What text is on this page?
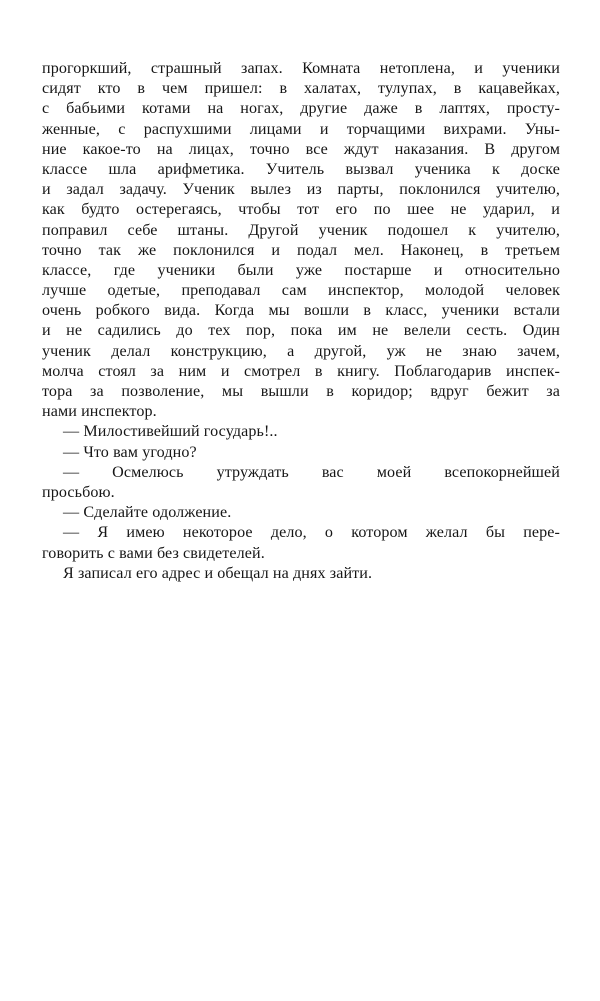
прогоркший, страшный запах. Комната нетоплена, и ученики
сидят кто в чем пришел: в халатах, тулупах, в кацавейках,
с бабьими котами на ногах, другие даже в лаптях, просту-
женные, с распухшими лицами и торчащими вихрами. Уны-
ние какое-то на лицах, точно все ждут наказания. В другом
классе шла арифметика. Учитель вызвал ученика к доске
и задал задачу. Ученик вылез из парты, поклонился учителю,
как будто остерегаясь, чтобы тот его по шее не ударил, и
поправил себе штаны. Другой ученик подошел к учителю,
точно так же поклонился и подал мел. Наконец, в третьем
классе, где ученики были уже постарше и относительно
лучше одетые, преподавал сам инспектор, молодой человек
очень робкого вида. Когда мы вошли в класс, ученики встали
и не садились до тех пор, пока им не велели сесть. Один
ученик делал конструкцию, а другой, уж не знаю зачем,
молча стоял за ним и смотрел в книгу. Поблагодарив инспек-
тора за позволение, мы вышли в коридор; вдруг бежит за
нами инспектор.
— Милостивейший государь!..
— Что вам угодно?
— Осмелюсь утруждать вас моей всепокорнейшей
просьбою.
— Сделайте одолжение.
— Я имею некоторое дело, о котором желал бы пере-
говорить с вами без свидетелей.
Я записал его адрес и обещал на днях зайти.
